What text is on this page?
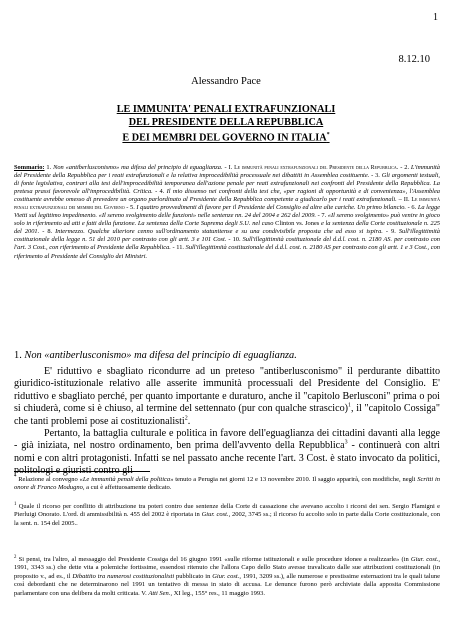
1
8.12.10
Alessandro Pace
LE IMMUNITA' PENALI EXTRAFUNZIONALI
DEL PRESIDENTE DELLA REPUBBLICA
E DEI MEMBRI DEL GOVERNO IN ITALIA*
Sommario: 1. Non «antiberlusconismo» ma difesa del principio di eguaglianza. - I. Le immunità penali extrafunzionali del Presidente della Repubblica. - 2. L'immunità del Presidente della Repubblica per i reati extrafunzionali e la relativa improcedibilità processuale nei dibattiti in Assemblea costituente. - 3. Gli argomenti testuali, di fonte legislativa, contrari alla tesi dell'improcedibilità temporanea dell'azione penale per reati extrafunzionali nei confronti del Presidente della Repubblica. La pretesa prassi favorevole all'improcedibilità. Critica. - 4. Il mio dissenso nei confronti della tesi che, «per ragioni di opportunità e di convenienza», l'Assemblea costituente avrebbe omesso di prevedere un organo parlordinato al Presidente della Repubblica competente a giudicarlo per i reati extrafunzionali. – II. Le immunità penali extrafunzionali dei membri del Governo - 5. I quattro provvedimenti di favore per il Presidente del Consiglio ed altre alte cariche. Un primo bilancio. - 6. La legge Vietti sul legittimo impedimento. «Il sereno svolgimento delle funzioni» nelle sentenze nn. 24 del 2004 e 262 del 2009. - 7. «Il sereno svolgimento» può venire in gioco solo in riferimento ad atti e fatti della funzione. La sentenza della Corte Suprema degli S.U. nel caso Clinton vs. Jones e la sentenza della Corte costituzionale n. 225 del 2001. - 8. Intermezzo. Qualche ulteriore cenno sull'ordinamento statunitense e su una condivisibile proposta che ad esso si ispira. - 9. Sull'illegittimità costituzionale della legge n. 51 del 2010 per contrasto con gli artt. 3 e 101 Cost. - 10. Sull'illegittimità costituzionale del d.d.l. cost. n. 2180 AS. per contrasto con l'art. 3 Cost., con riferimento al Presidente della Repubblica. - 11. Sull'illegittimità costituzionale del d.d.l. cost. n. 2180 AS per contrasto con gli artt. 1 e 3 Cost., con riferimento al Presidente del Consiglio dei Ministri.
1. Non «antiberlusconismo» ma difesa del principio di eguaglianza.

E' riduttivo e sbagliato ricondurre ad un preteso "antiberlusconismo" il perdurante dibattito giuridico-istituzionale relativo alle asserite immunità processuali del Presidente del Consiglio. E' riduttivo e sbagliato perché, per quanto importante e duraturo, anche il "capitolo Berlusconi" prima o poi si chiuderà, come si è chiuso, al termine del settennato (pur con qualche strascico)$^1$, il "capitolo Cossiga" che tanti problemi pose ai costituzionalisti$^2$.

Pertanto, la battaglia culturale e politica in favore dell'eguaglianza dei cittadini davanti alla legge - già iniziata, nel nostro ordinamento, ben prima dell'avvento della Repubblica$^3$ - continuerà con altri nomi e con altri protagonisti. Infatti se nel passato anche recente l'art. 3 Cost. è stato invocato da politici, politologi e giuristi contro gli

* Relazione al convegno «Le immunità penali della politica» tenuto a Perugia nei giorni 12 e 13 novembre 2010. Il saggio apparirà, con modifiche, negli Scritti in onore di Franco Modugno, a cui è affettuosamente dedicato.
$^1$ Quale il ricorso per conflitto di attribuzione tra poteri contro due sentenze della Corte di cassazione che avevano accolto i ricorsi dei sen. Sergio Flamigni e Pierluigi Onorato. L'ord. di ammissibilità n. 455 del 2002 è riportata in Giur. cost., 2002, 3745 ss.; il ricorso fu accolto solo in parte dalla Corte costituzionale, con la sent. n. 154 del 2005..
$^2$ Si pensi, tra l'altro, al messaggio del Presidente Cossiga del 16 giugno 1991 «sulle riforme istituzionali e sulle procedure idonee a realizzarle» (in Giur. cost., 1991, 3343 ss.) che dette vita a polemiche fortissime, essendosi ritenuto che l'allora Capo dello Stato avesse travalicato dalle sue attribuzioni costituzionali (in proposito v., ad es., il Dibattito tra numerosi costituzionalisti pubblicato in Giur. cost., 1991, 3209 ss.), alle numerose e prestissime esternazioni tra le quali talune così debordanti che ne determinarono nel 1991 un tentativo di messa in stato di accusa. Le denunce furono però archiviate dalla apposita Commissione parlamentare con una delibera da molti criticata. V. Atti Sen., XI leg., 155° res., 11 maggio 1993.
